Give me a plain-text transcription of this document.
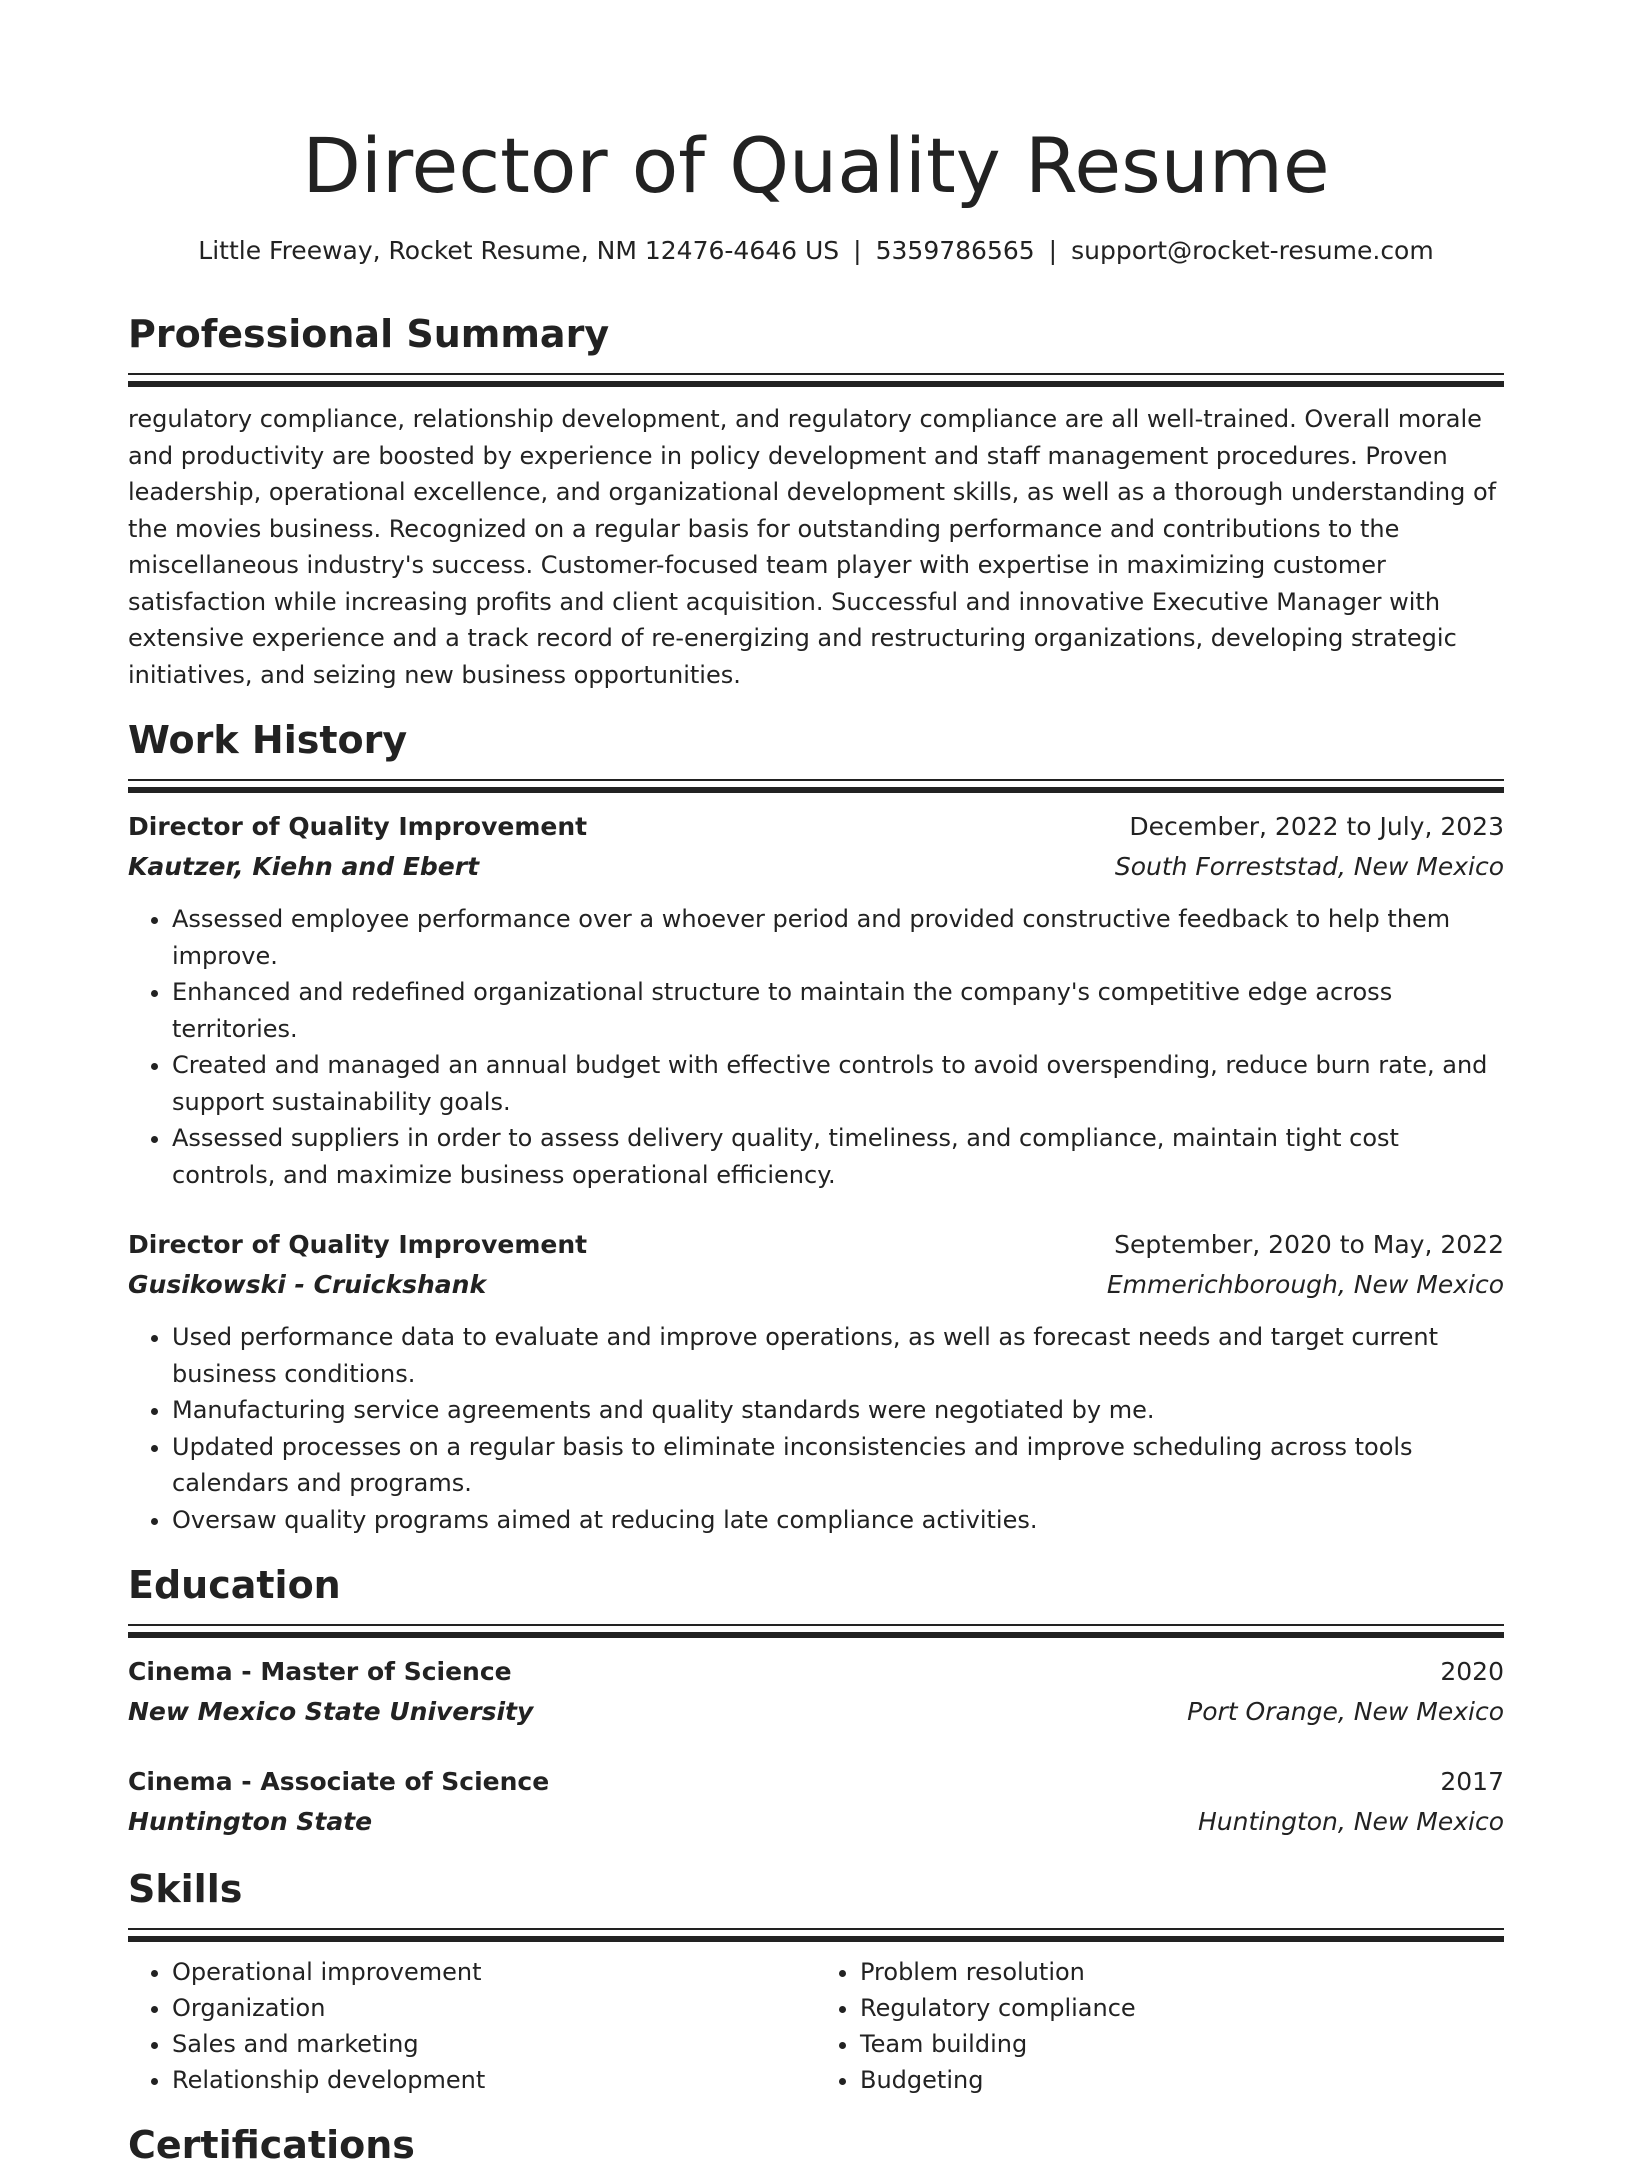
Director of Quality Resume
Little Freeway, Rocket Resume, NM 12476-4646 US | 5359786565 | support@rocket-resume.com
Professional Summary
regulatory compliance, relationship development, and regulatory compliance are all well-trained. Overall morale and productivity are boosted by experience in policy development and staff management procedures. Proven leadership, operational excellence, and organizational development skills, as well as a thorough understanding of the movies business. Recognized on a regular basis for outstanding performance and contributions to the miscellaneous industry's success. Customer-focused team player with expertise in maximizing customer satisfaction while increasing profits and client acquisition. Successful and innovative Executive Manager with extensive experience and a track record of re-energizing and restructuring organizations, developing strategic initiatives, and seizing new business opportunities.
Work History
Director of Quality Improvement	December, 2022 to July, 2023
Kautzer, Kiehn and Ebert	South Forreststad, New Mexico
• Assessed employee performance over a whoever period and provided constructive feedback to help them improve.
• Enhanced and redefined organizational structure to maintain the company's competitive edge across territories.
• Created and managed an annual budget with effective controls to avoid overspending, reduce burn rate, and support sustainability goals.
• Assessed suppliers in order to assess delivery quality, timeliness, and compliance, maintain tight cost controls, and maximize business operational efficiency.
Director of Quality Improvement	September, 2020 to May, 2022
Gusikowski - Cruickshank	Emmerichborough, New Mexico
• Used performance data to evaluate and improve operations, as well as forecast needs and target current business conditions.
• Manufacturing service agreements and quality standards were negotiated by me.
• Updated processes on a regular basis to eliminate inconsistencies and improve scheduling across tools calendars and programs.
• Oversaw quality programs aimed at reducing late compliance activities.
Education
Cinema - Master of Science	2020
New Mexico State University	Port Orange, New Mexico
Cinema - Associate of Science	2017
Huntington State	Huntington, New Mexico
Skills
• Operational improvement
• Organization
• Sales and marketing
• Relationship development
• Problem resolution
• Regulatory compliance
• Team building
• Budgeting
Certifications
